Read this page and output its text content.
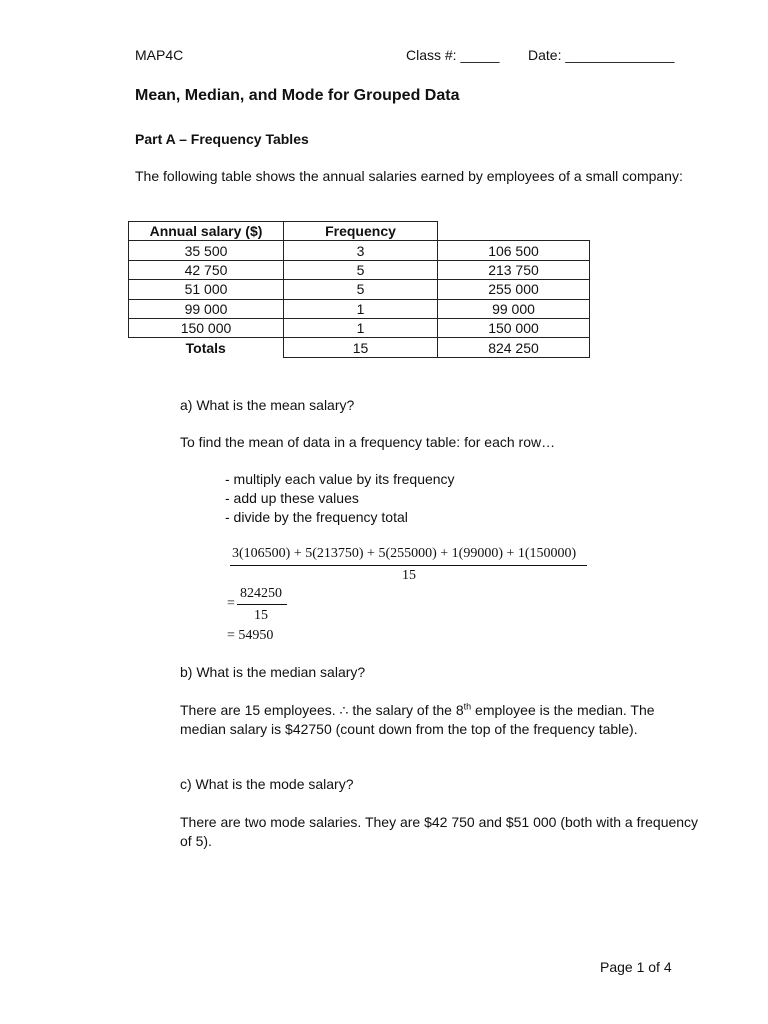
MAP4C	Class #: _____ Date: ______________
Mean, Median, and Mode for Grouped Data
Part A – Frequency Tables
The following table shows the annual salaries earned by employees of a small company:
Annual salary ($)	Frequency	
35 500	3	106 500
42 750	5	213 750
51 000	5	255 000
99 000	1	99 000
150 000	1	150 000
Totals	15	824 250
a) What is the mean salary?
To find the mean of data in a frequency table: for each row…
- multiply each value by its frequency
- add up these values
- divide by the frequency total
3(106500) + 5(213750) + 5(255000) + 1(99000) + 1(150000)
15
=
824250
15
= 54950
b) What is the median salary?
There are 15 employees. ∴ the salary of the 8th employee is the median. The median salary is $42750 (count down from the top of the frequency table).
c) What is the mode salary?
There are two mode salaries. They are $42 750 and $51 000 (both with a frequency of 5).
Page 1 of 4
